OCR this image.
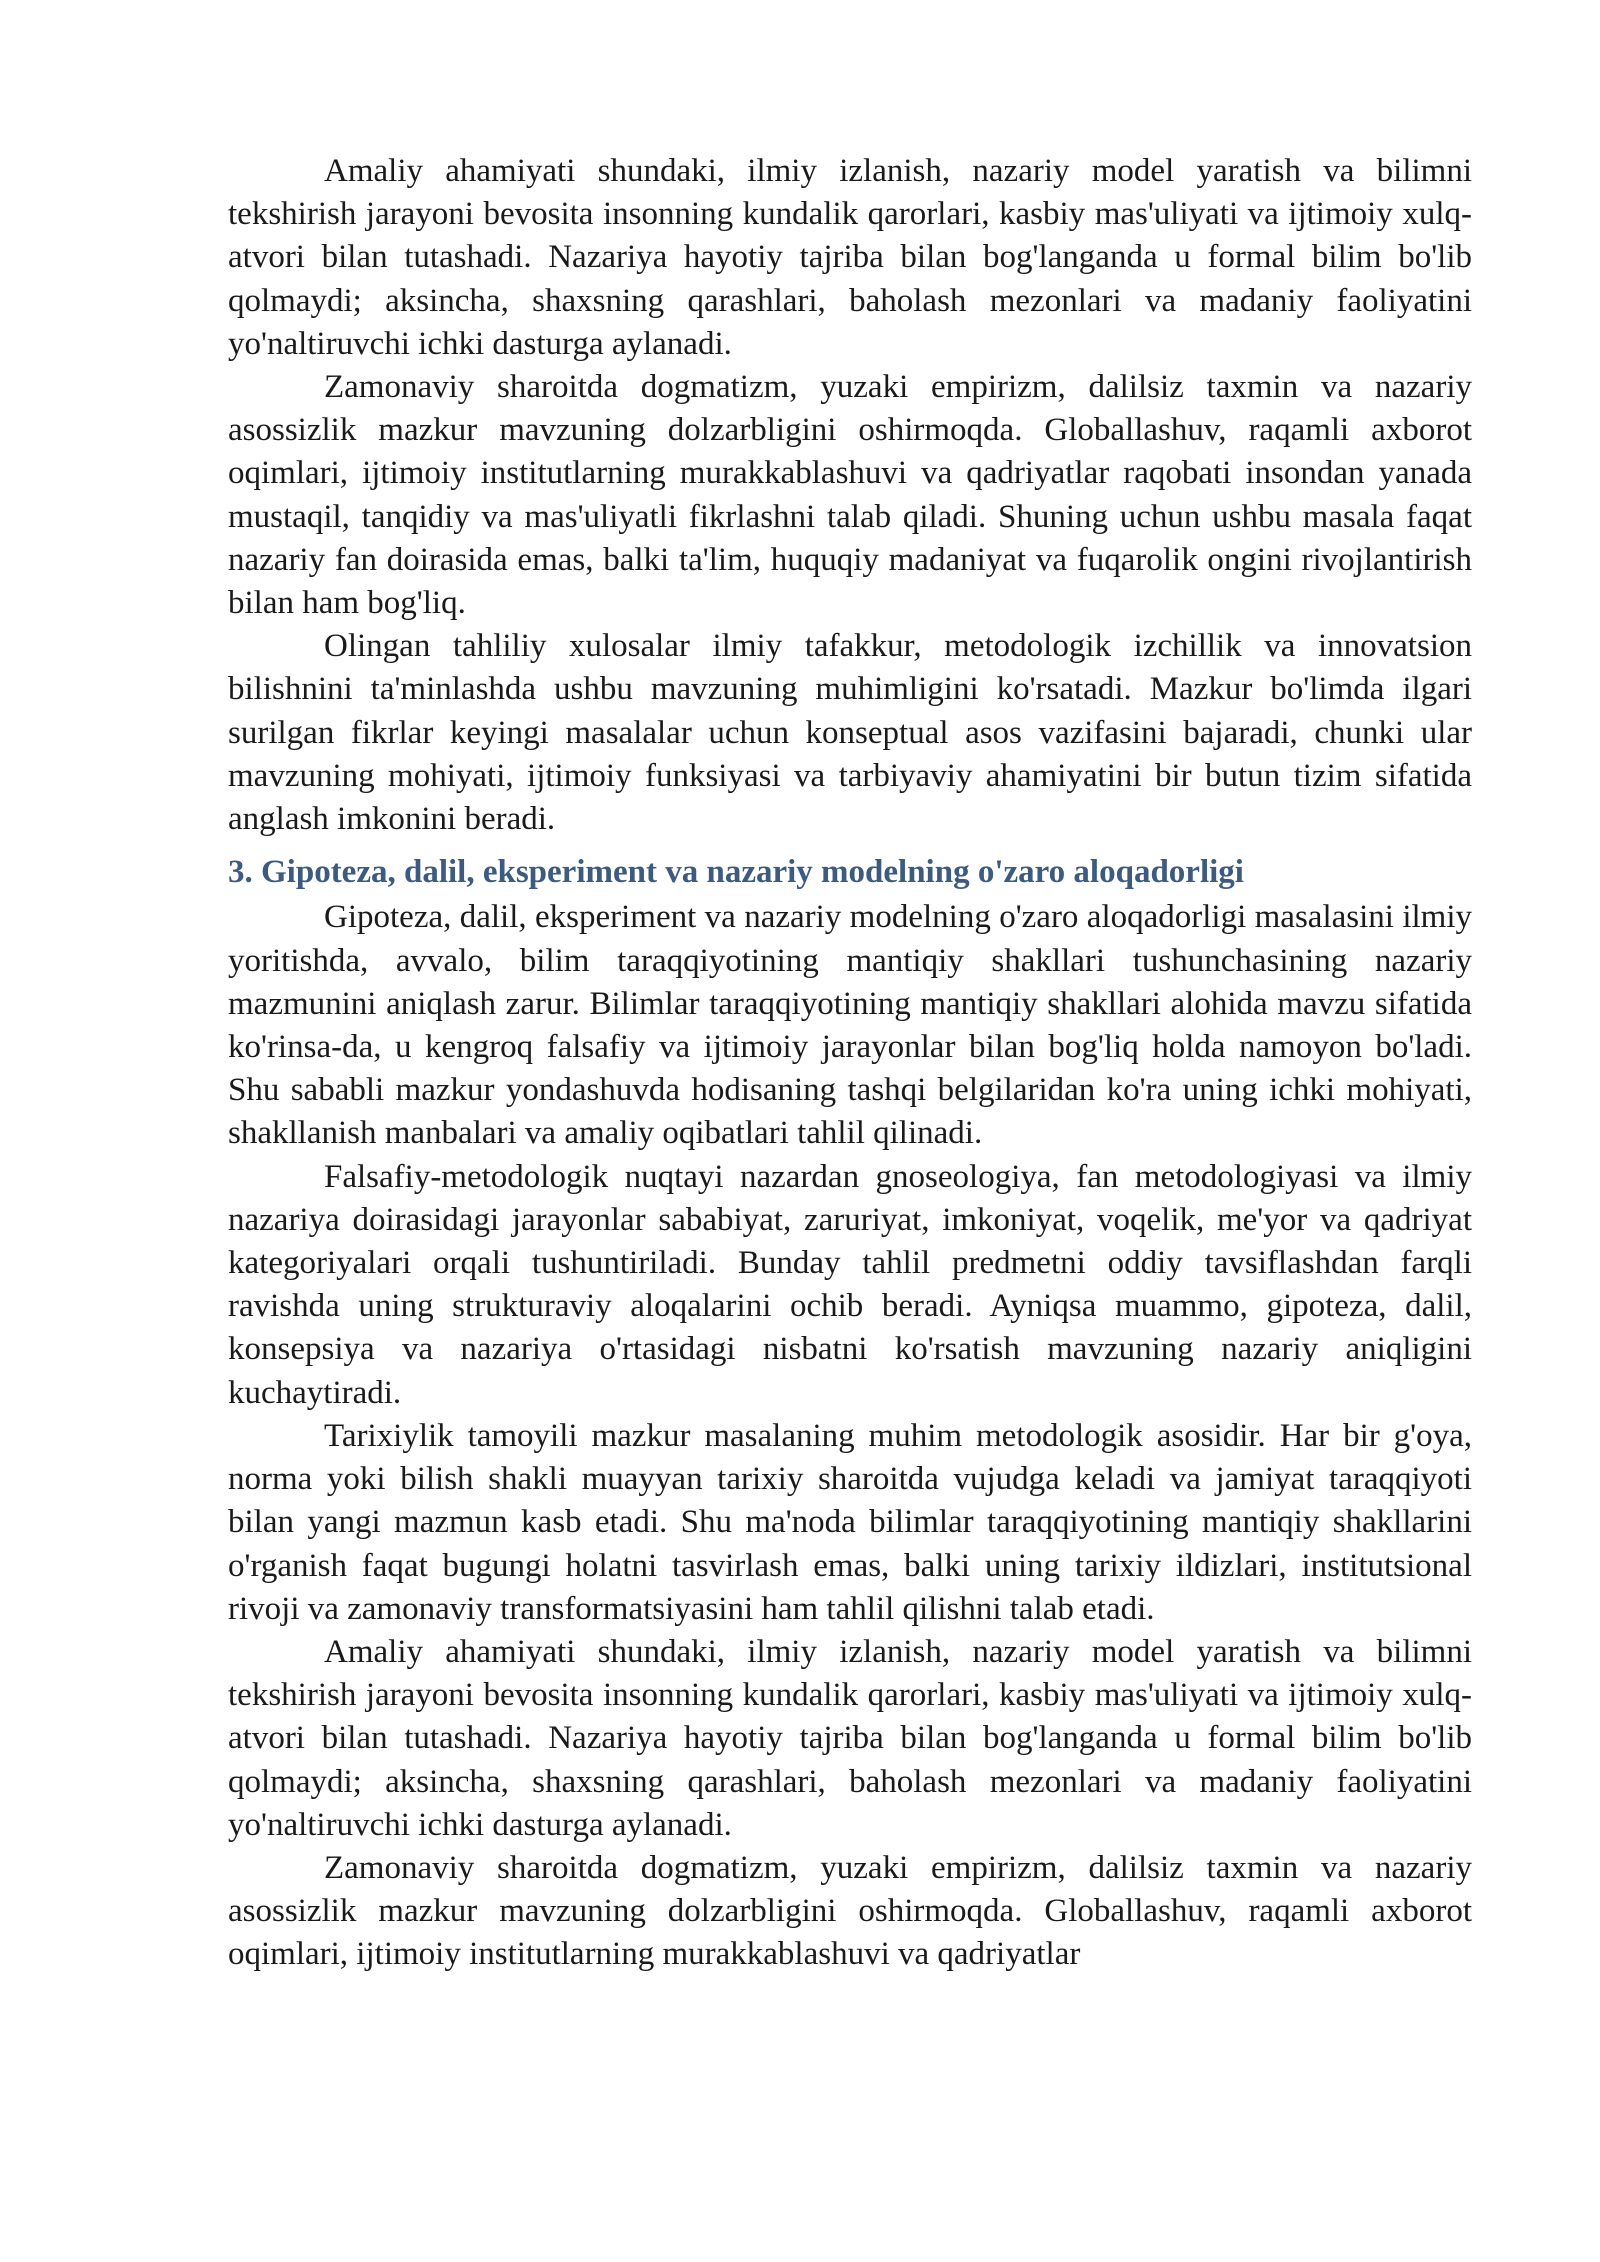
Amaliy ahamiyati shundaki, ilmiy izlanish, nazariy model yaratish va bilimni tekshirish jarayoni bevosita insonning kundalik qarorlari, kasbiy mas'uliyati va ijtimoiy xulq-atvori bilan tutashadi. Nazariya hayotiy tajriba bilan bog'langanda u formal bilim bo'lib qolmaydi; aksincha, shaxsning qarashlari, baholash mezonlari va madaniy faoliyatini yo'naltiruvchi ichki dasturga aylanadi.

Zamonaviy sharoitda dogmatizm, yuzaki empirizm, dalilsiz taxmin va nazariy asossizlik mazkur mavzuning dolzarbligini oshirmoqda. Globallashuv, raqamli axborot oqimlari, ijtimoiy institutlarning murakkablashuvi va qadriyatlar raqobati insondan yanada mustaqil, tanqidiy va mas'uliyatli fikrlashni talab qiladi. Shuning uchun ushbu masala faqat nazariy fan doirasida emas, balki ta'lim, huquqiy madaniyat va fuqarolik ongini rivojlantirish bilan ham bog'liq.

Olingan tahliliy xulosalar ilmiy tafakkur, metodologik izchillik va innovatsion bilishnini ta'minlashda ushbu mavzuning muhimligini ko'rsatadi. Mazkur bo'limda ilgari surilgan fikrlar keyingi masalalar uchun konseptual asos vazifasini bajaradi, chunki ular mavzuning mohiyati, ijtimoiy funksiyasi va tarbiyaviy ahamiyatini bir butun tizim sifatida anglash imkonini beradi.

3. Gipoteza, dalil, eksperiment va nazariy modelning o'zaro aloqadorligi

Gipoteza, dalil, eksperiment va nazariy modelning o'zaro aloqadorligi masalasini ilmiy yoritishda, avvalo, bilim taraqqiyotining mantiqiy shakllari tushunchasining nazariy mazmunini aniqlash zarur. Bilimlar taraqqiyotining mantiqiy shakllari alohida mavzu sifatida ko'rinsa-da, u kengroq falsafiy va ijtimoiy jarayonlar bilan bog'liq holda namoyon bo'ladi. Shu sababli mazkur yondashuvda hodisaning tashqi belgilaridan ko'ra uning ichki mohiyati, shakllanish manbalari va amaliy oqibatlari tahlil qilinadi.

Falsafiy-metodologik nuqtayi nazardan gnoseologiya, fan metodologiyasi va ilmiy nazariya doirasidagi jarayonlar sababiyat, zaruriyat, imkoniyat, voqelik, me'yor va qadriyat kategoriyalari orqali tushuntiriladi. Bunday tahlil predmetni oddiy tavsiflashdan farqli ravishda uning strukturaviy aloqalarini ochib beradi. Ayniqsa muammo, gipoteza, dalil, konsepsiya va nazariya o'rtasidagi nisbatni ko'rsatish mavzuning nazariy aniqligini kuchaytiradi.

Tarixiylik tamoyili mazkur masalaning muhim metodologik asosidir. Har bir g'oya, norma yoki bilish shakli muayyan tarixiy sharoitda vujudga keladi va jamiyat taraqqiyoti bilan yangi mazmun kasb etadi. Shu ma'noda bilimlar taraqqiyotining mantiqiy shakllarini o'rganish faqat bugungi holatni tasvirlash emas, balki uning tarixiy ildizlari, institutsional rivoji va zamonaviy transformatsiyasini ham tahlil qilishni talab etadi.

Amaliy ahamiyati shundaki, ilmiy izlanish, nazariy model yaratish va bilimni tekshirish jarayoni bevosita insonning kundalik qarorlari, kasbiy mas'uliyati va ijtimoiy xulq-atvori bilan tutashadi. Nazariya hayotiy tajriba bilan bog'langanda u formal bilim bo'lib qolmaydi; aksincha, shaxsning qarashlari, baholash mezonlari va madaniy faoliyatini yo'naltiruvchi ichki dasturga aylanadi.

Zamonaviy sharoitda dogmatizm, yuzaki empirizm, dalilsiz taxmin va nazariy asossizlik mazkur mavzuning dolzarbligini oshirmoqda. Globallashuv, raqamli axborot oqimlari, ijtimoiy institutlarning murakkablashuvi va qadriyatlar
